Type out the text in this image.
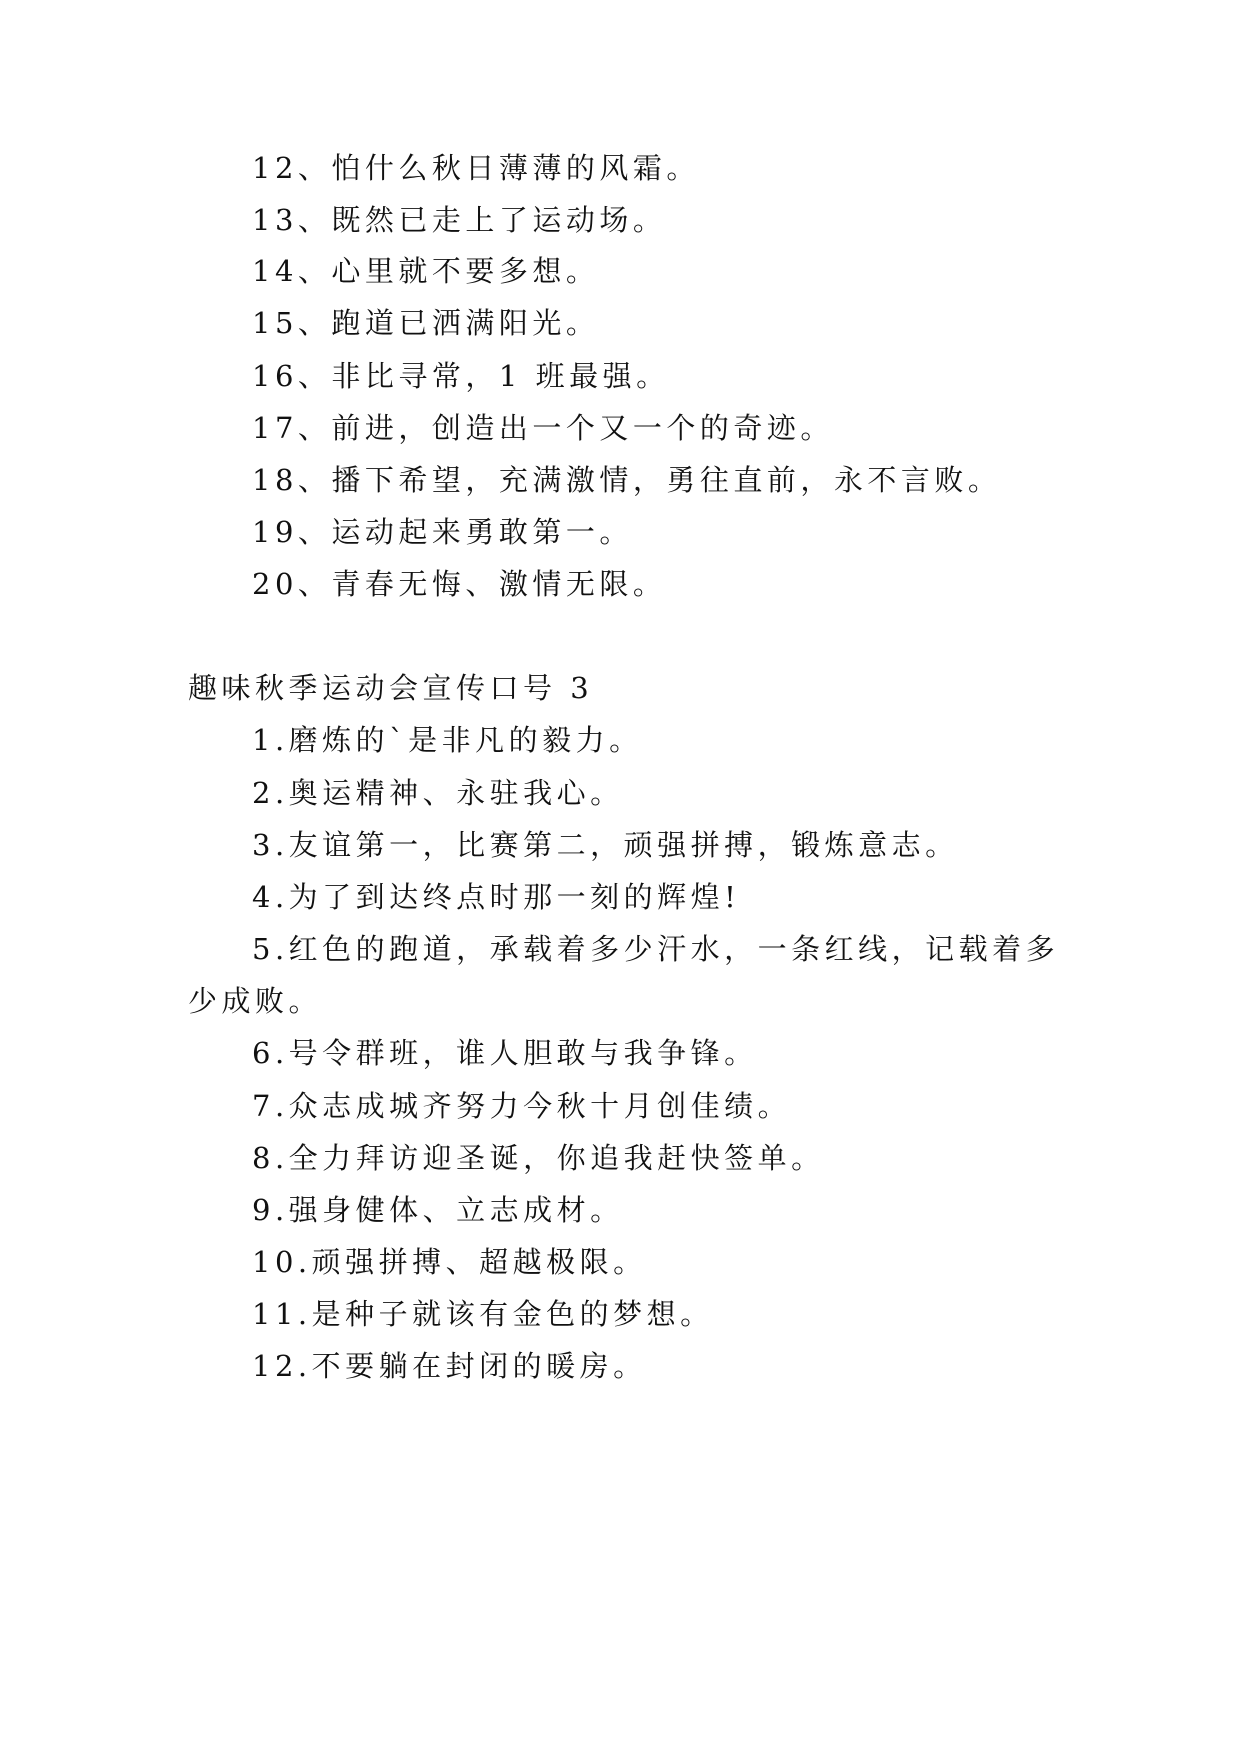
12、怕什么秋日薄薄的风霜。
13、既然已走上了运动场。
14、心里就不要多想。
15、跑道已洒满阳光。
16、非比寻常，1 班最强。
17、前进，创造出一个又一个的奇迹。
18、播下希望，充满激情，勇往直前，永不言败。
19、运动起来勇敢第一。
20、青春无悔、激情无限。
趣味秋季运动会宣传口号 3
1.磨炼的`是非凡的毅力。
2.奥运精神、永驻我心。
3.友谊第一，比赛第二，顽强拼搏，锻炼意志。
4.为了到达终点时那一刻的辉煌!
5.红色的跑道，承载着多少汗水，一条红线，记载着多
少成败。
6.号令群班，谁人胆敢与我争锋。
7.众志成城齐努力今秋十月创佳绩。
8.全力拜访迎圣诞，你追我赶快签单。
9.强身健体、立志成材。
10.顽强拼搏、超越极限。
11.是种子就该有金色的梦想。
12.不要躺在封闭的暖房。
